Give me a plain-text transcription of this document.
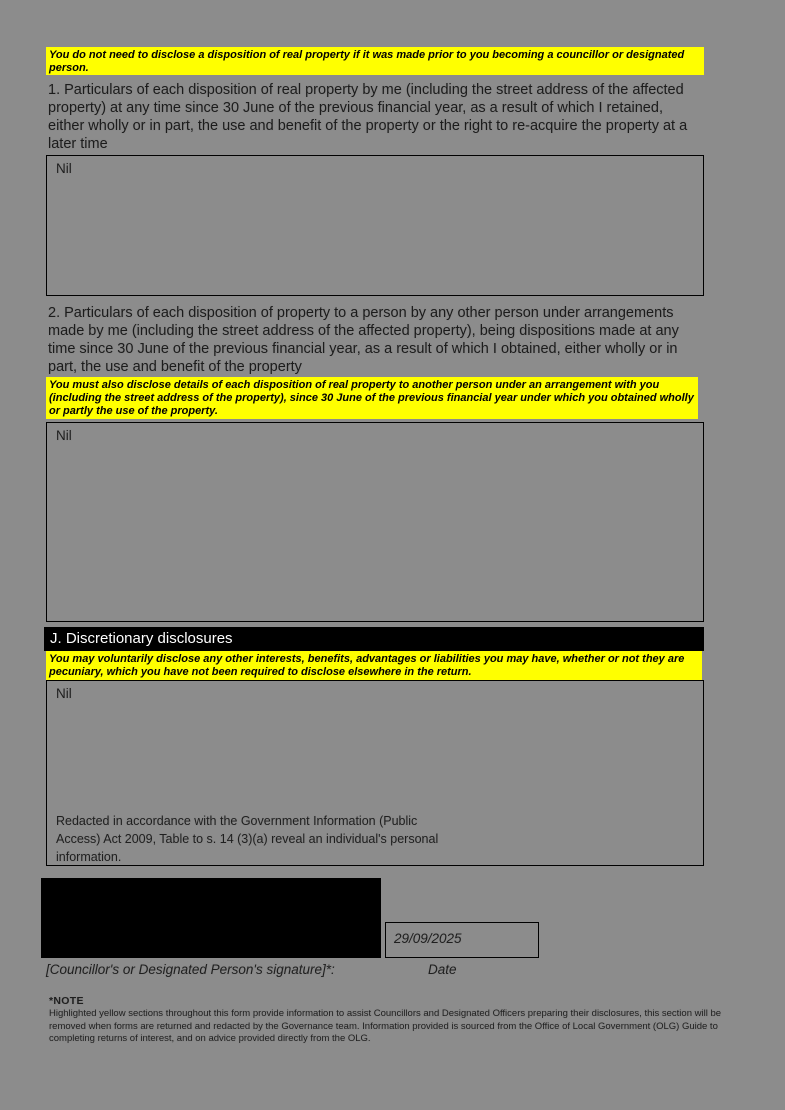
You do not need to disclose a disposition of real property if it was made prior to you becoming a councillor or designated person.
1. Particulars of each disposition of real property by me (including the street address of the affected property) at any time since 30 June of the previous financial year, as a result of which I retained, either wholly or in part, the use and benefit of the property or the right to re-acquire the property at a later time
Nil
2. Particulars of each disposition of property to a person by any other person under arrangements made by me (including the street address of the affected property), being dispositions made at any time since 30 June of the previous financial year, as a result of which I obtained, either wholly or in part, the use and benefit of the property
You must also disclose details of each disposition of real property to another person under an arrangement with you (including the street address of the property), since 30 June of the previous financial year under which you obtained wholly or partly the use of the property.
Nil
J. Discretionary disclosures
You may voluntarily disclose any other interests, benefits, advantages or liabilities you may have, whether or not they are pecuniary, which you have not been required to disclose elsewhere in the return.
Nil
Redacted in accordance with the Government Information (Public Access) Act 2009, Table to s. 14 (3)(a) reveal an individual's personal information.
29/09/2025
[Councillor's or Designated Person's signature]*:	Date
*NOTE
Highlighted yellow sections throughout this form provide information to assist Councillors and Designated Officers preparing their disclosures, this section will be removed when forms are returned and redacted by the Governance team. Information provided is sourced from the Office of Local Government (OLG) Guide to completing returns of interest, and on advice provided directly from the OLG.
